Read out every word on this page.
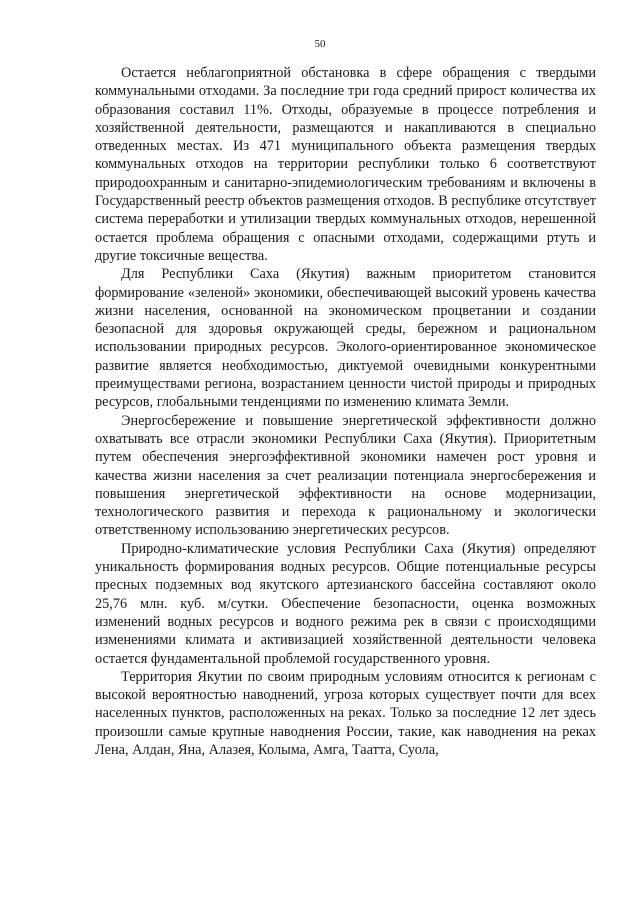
50

Остается неблагоприятной обстановка в сфере обращения с твердыми коммунальными отходами. За последние три года средний прирост количества их образования составил 11%. Отходы, образуемые в процессе потребления и хозяйственной деятельности, размещаются и накапливаются в специально отведенных местах. Из 471 муниципального объекта размещения твердых коммунальных отходов на территории республики только 6 соответствуют природоохранным и санитарно-эпидемиологическим требованиям и включены в Государственный реестр объектов размещения отходов. В республике отсутствует система переработки и утилизации твердых коммунальных отходов, нерешенной остается проблема обращения с опасными отходами, содержащими ртуть и другие токсичные вещества.

Для Республики Саха (Якутия) важным приоритетом становится формирование «зеленой» экономики, обеспечивающей высокий уровень качества жизни населения, основанной на экономическом процветании и создании безопасной для здоровья окружающей среды, бережном и рациональном использовании природных ресурсов. Эколого-ориентированное экономическое развитие является необходимостью, диктуемой очевидными конкурентными преимуществами региона, возрастанием ценности чистой природы и природных ресурсов, глобальными тенденциями по изменению климата Земли.

Энергосбережение и повышение энергетической эффективности должно охватывать все отрасли экономики Республики Саха (Якутия). Приоритетным путем обеспечения энергоэффективной экономики намечен рост уровня и качества жизни населения за счет реализации потенциала энергосбережения и повышения энергетической эффективности на основе модернизации, технологического развития и перехода к рациональному и экологически ответственному использованию энергетических ресурсов.

Природно-климатические условия Республики Саха (Якутия) определяют уникальность формирования водных ресурсов. Общие потенциальные ресурсы пресных подземных вод якутского артезианского бассейна составляют около 25,76 млн. куб. м/сутки. Обеспечение безопасности, оценка возможных изменений водных ресурсов и водного режима рек в связи с происходящими изменениями климата и активизацией хозяйственной деятельности человека остается фундаментальной проблемой государственного уровня.

Территория Якутии по своим природным условиям относится к регионам с высокой вероятностью наводнений, угроза которых существует почти для всех населенных пунктов, расположенных на реках. Только за последние 12 лет здесь произошли самые крупные наводнения России, такие, как наводнения на реках Лена, Алдан, Яна, Алазея, Колыма, Амга, Таатта, Суола,
